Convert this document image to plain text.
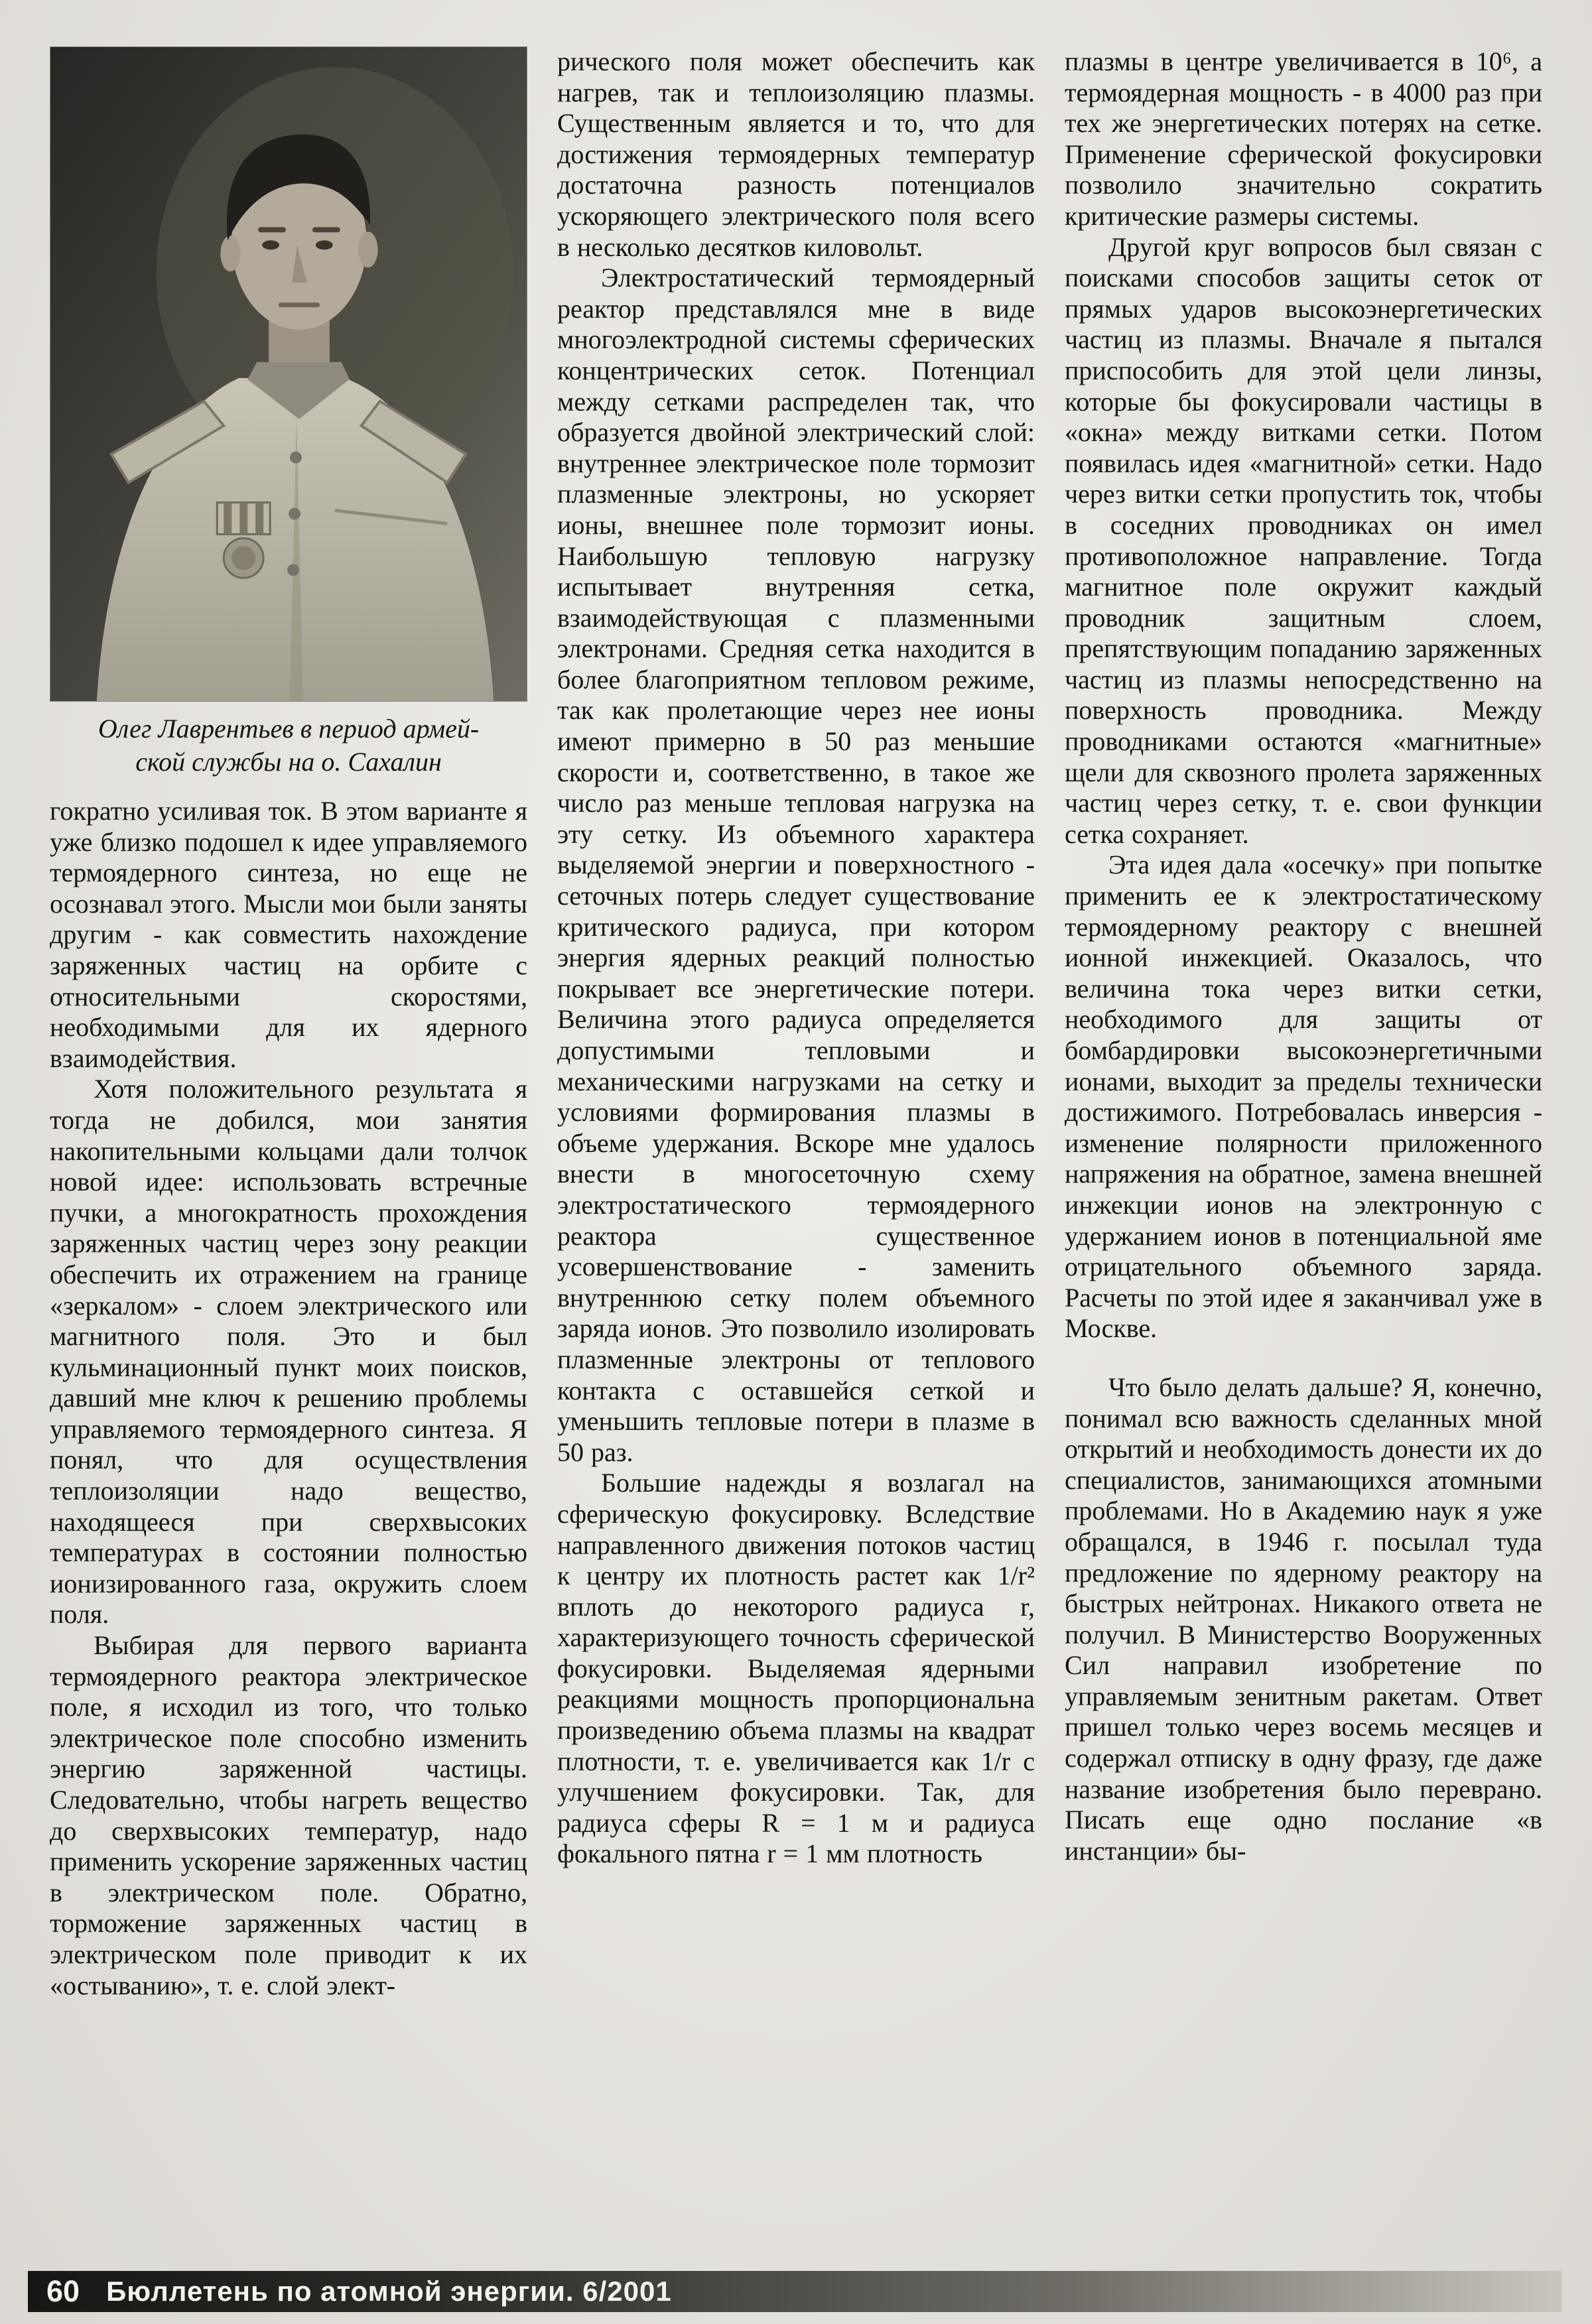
Олег Лаврентьев в период армей-
ской службы на о. Сахалин

гократно усиливая ток. В этом варианте я уже близко подошел к идее управляемого термоядерного синтеза, но еще не осознавал этого. Мысли мои были заняты другим - как совместить нахождение заряженных частиц на орбите с относительными скоростями, необходимыми для их ядерного взаимодействия.

Хотя положительного результата я тогда не добился, мои занятия накопительными кольцами дали толчок новой идее: использовать встречные пучки, а многократность прохождения заряженных частиц через зону реакции обеспечить их отражением на границе «зеркалом» - слоем электрического или магнитного поля. Это и был кульминационный пункт моих поисков, давший мне ключ к решению проблемы управляемого термоядерного синтеза. Я понял, что для осуществления теплоизоляции надо вещество, находящееся при сверхвысоких температурах в состоянии полностью ионизированного газа, окружить слоем поля.

Выбирая для первого варианта термоядерного реактора электрическое поле, я исходил из того, что только электрическое поле способно изменить энергию заряженной частицы. Следовательно, чтобы нагреть вещество до сверхвысоких температур, надо применить ускорение заряженных частиц в электрическом поле. Обратно, торможение заряженных частиц в электрическом поле приводит к их «остыванию», т. е. слой элект-

рического поля может обеспечить как нагрев, так и теплоизоляцию плазмы. Существенным является и то, что для достижения термоядерных температур достаточна разность потенциалов ускоряющего электрического поля всего в несколько десятков киловольт.

Электростатический термоядерный реактор представлялся мне в виде многоэлектродной системы сферических концентрических сеток. Потенциал между сетками распределен так, что образуется двойной электрический слой: внутреннее электрическое поле тормозит плазменные электроны, но ускоряет ионы, внешнее поле тормозит ионы. Наибольшую тепловую нагрузку испытывает внутренняя сетка, взаимодействующая с плазменными электронами. Средняя сетка находится в более благоприятном тепловом режиме, так как пролетающие через нее ионы имеют примерно в 50 раз меньшие скорости и, соответственно, в такое же число раз меньше тепловая нагрузка на эту сетку. Из объемного характера выделяемой энергии и поверхностного - сеточных потерь следует существование критического радиуса, при котором энергия ядерных реакций полностью покрывает все энергетические потери. Величина этого радиуса определяется допустимыми тепловыми и механическими нагрузками на сетку и условиями формирования плазмы в объеме удержания. Вскоре мне удалось внести в многосеточную схему электростатического термоядерного реактора существенное усовершенствование - заменить внутреннюю сетку полем объемного заряда ионов. Это позволило изолировать плазменные электроны от теплового контакта с оставшейся сеткой и уменьшить тепловые потери в плазме в 50 раз.

Большие надежды я возлагал на сферическую фокусировку. Вследствие направленного движения потоков частиц к центру их плотность растет как 1/r² вплоть до некоторого радиуса r, характеризующего точность сферической фокусировки. Выделяемая ядерными реакциями мощность пропорциональна произведению объема плазмы на квадрат плотности, т. е. увеличивается как 1/r с улучшением фокусировки. Так, для радиуса сферы R = 1 м и радиуса фокального пятна r = 1 мм плотность

плазмы в центре увеличивается в 10⁶, а термоядерная мощность - в 4000 раз при тех же энергетических потерях на сетке. Применение сферической фокусировки позволило значительно сократить критические размеры системы.

Другой круг вопросов был связан с поисками способов защиты сеток от прямых ударов высокоэнергетических частиц из плазмы. Вначале я пытался приспособить для этой цели линзы, которые бы фокусировали частицы в «окна» между витками сетки. Потом появилась идея «магнитной» сетки. Надо через витки сетки пропустить ток, чтобы в соседних проводниках он имел противоположное направление. Тогда магнитное поле окружит каждый проводник защитным слоем, препятствующим попаданию заряженных частиц из плазмы непосредственно на поверхность проводника. Между проводниками остаются «магнитные» щели для сквозного пролета заряженных частиц через сетку, т. е. свои функции сетка сохраняет.

Эта идея дала «осечку» при попытке применить ее к электростатическому термоядерному реактору с внешней ионной инжекцией. Оказалось, что величина тока через витки сетки, необходимого для защиты от бомбардировки высокоэнергетичными ионами, выходит за пределы технически достижимого. Потребовалась инверсия - изменение полярности приложенного напряжения на обратное, замена внешней инжекции ионов на электронную с удержанием ионов в потенциальной яме отрицательного объемного заряда. Расчеты по этой идее я заканчивал уже в Москве.

Что было делать дальше? Я, конечно, понимал всю важность сделанных мной открытий и необходимость донести их до специалистов, занимающихся атомными проблемами. Но в Академию наук я уже обращался, в 1946 г. посылал туда предложение по ядерному реактору на быстрых нейтронах. Никакого ответа не получил. В Министерство Вооруженных Сил направил изобретение по управляемым зенитным ракетам. Ответ пришел только через восемь месяцев и содержал отписку в одну фразу, где даже название изобретения было переврано. Писать еще одно послание «в инстанции» бы-

60 Бюллетень по атомной энергии. 6/2001
